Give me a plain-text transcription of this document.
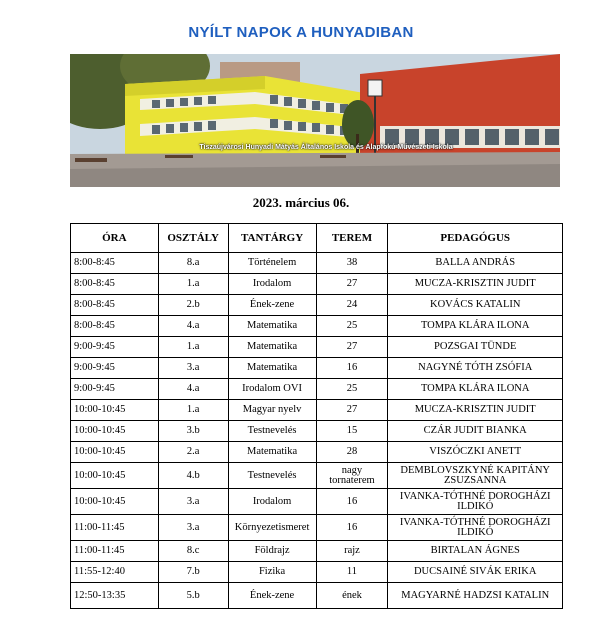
NYÍLT NAPOK A HUNYADIBAN
Tiszaújvárosi Hunyadi Mátyás Általános Iskola és Alapfokú Művészeti Iskola
2023. március 06.
ÓRA	OSZTÁLY	TANTÁRGY	TEREM	PEDAGÓGUS
8:00-8:45	8.a	Történelem	38	BALLA ANDRÁS
8:00-8:45	1.a	Irodalom	27	MUCZA-KRISZTIN JUDIT
8:00-8:45	2.b	Ének-zene	24	KOVÁCS KATALIN
8:00-8:45	4.a	Matematika	25	TOMPA KLÁRA ILONA
9:00-9:45	1.a	Matematika	27	POZSGAI TÜNDE
9:00-9:45	3.a	Matematika	16	NAGYNÉ TÓTH ZSÓFIA
9:00-9:45	4.a	Irodalom OVI	25	TOMPA KLÁRA ILONA
10:00-10:45	1.a	Magyar nyelv	27	MUCZA-KRISZTIN JUDIT
10:00-10:45	3.b	Testnevelés	15	CZÁR JUDIT BIANKA
10:00-10:45	2.a	Matematika	28	VISZÓCZKI ANETT
10:00-10:45	4.b	Testnevelés	nagy tornaterem	DEMBLOVSZKYNÉ KAPITÁNY ZSUZSANNA
10:00-10:45	3.a	Irodalom	16	IVANKA-TÓTHNÉ DOROGHÁZI ILDIKÓ
11:00-11:45	3.a	Környezetismeret	16	IVANKA-TÓTHNÉ DOROGHÁZI ILDIKÓ
11:00-11:45	8.c	Földrajz	rajz	BIRTALAN ÁGNES
11:55-12:40	7.b	Fizika	11	DUCSAINÉ SIVÁK ERIKA
12:50-13:35	5.b	Ének-zene	ének	MAGYARNÉ HADZSI KATALIN
